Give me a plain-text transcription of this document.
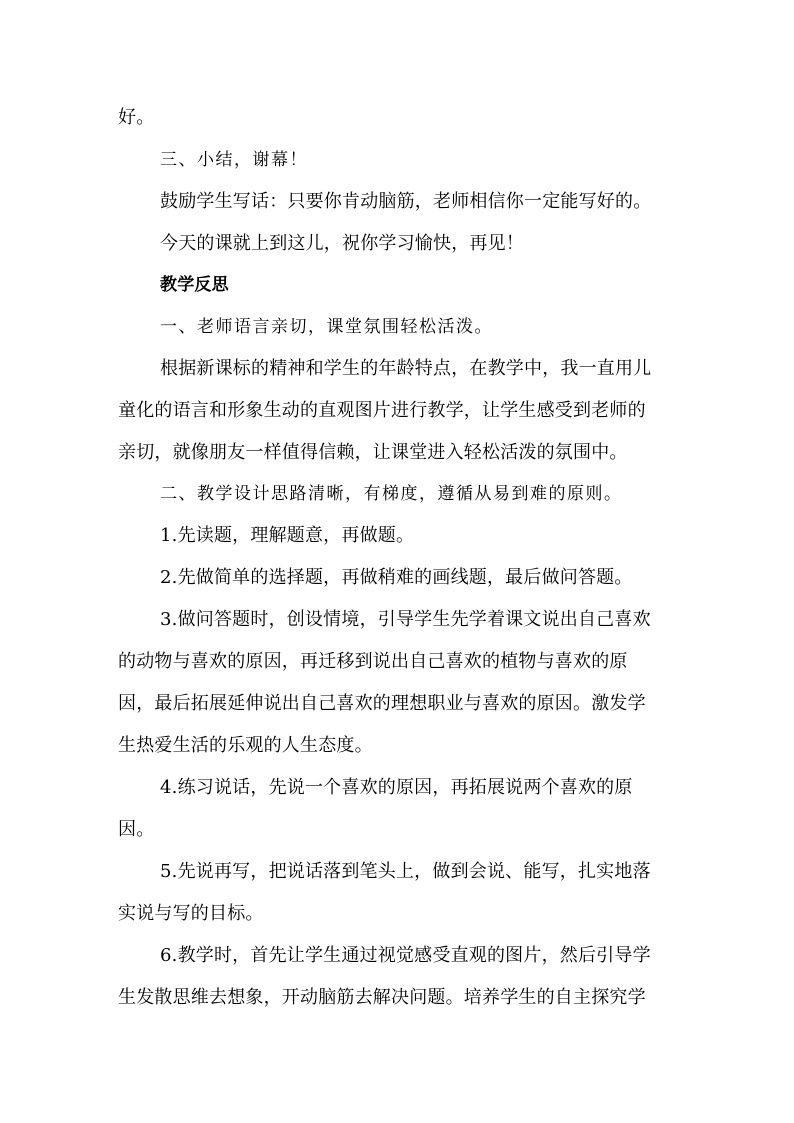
好。
三、小结，谢幕！
鼓励学生写话：只要你肯动脑筋，老师相信你一定能写好的。
今天的课就上到这儿，祝你学习愉快，再见！
教学反思
一、老师语言亲切，课堂氛围轻松活泼。
根据新课标的精神和学生的年龄特点，在教学中，我一直用儿
童化的语言和形象生动的直观图片进行教学，让学生感受到老师的
亲切，就像朋友一样值得信赖，让课堂进入轻松活泼的氛围中。
二、教学设计思路清晰，有梯度，遵循从易到难的原则。
1.先读题，理解题意，再做题。
2.先做简单的选择题，再做稍难的画线题，最后做问答题。
3.做问答题时，创设情境，引导学生先学着课文说出自己喜欢
的动物与喜欢的原因，再迁移到说出自己喜欢的植物与喜欢的原
因，最后拓展延伸说出自己喜欢的理想职业与喜欢的原因。激发学
生热爱生活的乐观的人生态度。
4.练习说话，先说一个喜欢的原因，再拓展说两个喜欢的原
因。
5.先说再写，把说话落到笔头上，做到会说、能写，扎实地落
实说与写的目标。
6.教学时，首先让学生通过视觉感受直观的图片，然后引导学
生发散思维去想象，开动脑筋去解决问题。培养学生的自主探究学
